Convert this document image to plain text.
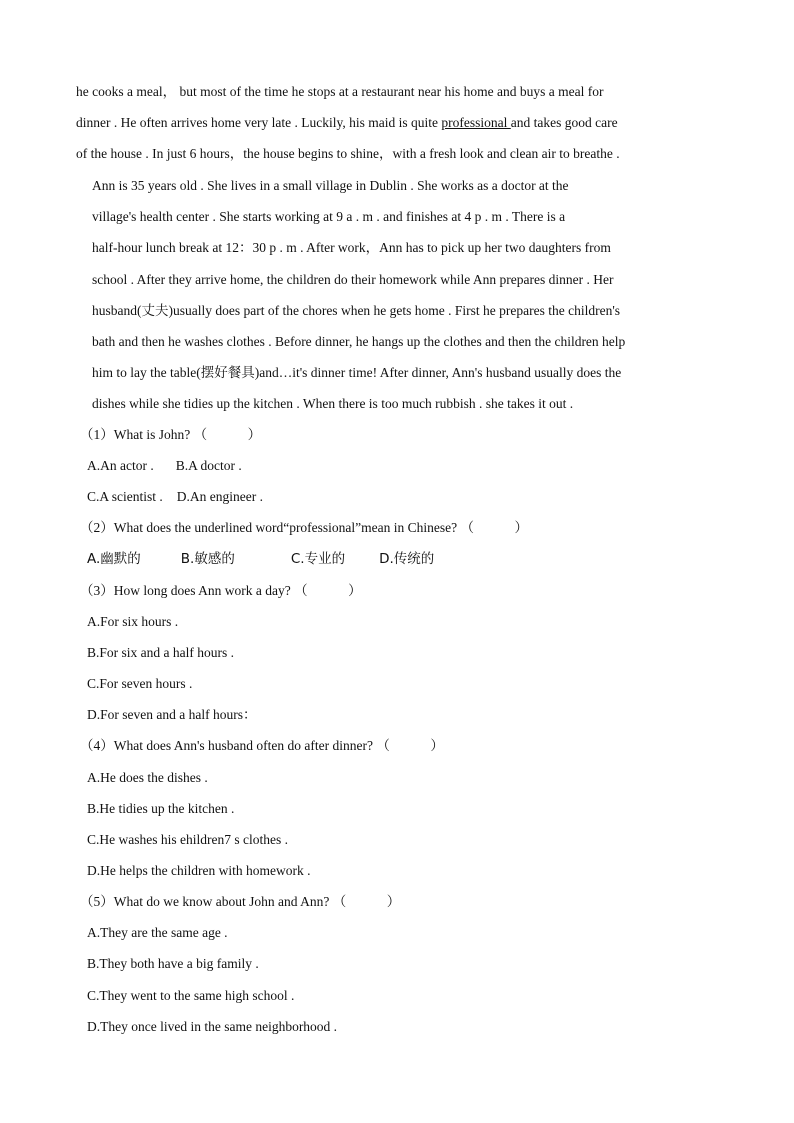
he cooks a meal， but most of the time he stops at a restaurant near his home and buys a meal for
dinner . He often arrives home very late . Luckily, his maid is quite professional and takes good care
of the house . In just 6 hours，the house begins to shine，with a fresh look and clean air to breathe .
Ann is 35 years old . She lives in a small village in Dublin . She works as a doctor at the
village's health center . She starts working at 9 a . m . and finishes at 4 p . m . There is a
half-hour lunch break at 12：30 p . m . After work，Ann has to pick up her two daughters from
school . After they arrive home, the children do their homework while Ann prepares dinner . Her
husband(丈夫)usually does part of the chores when he gets home . First he prepares the children's
bath and then he washes clothes . Before dinner, he hangs up the clothes and then the children help
him to lay the table(摆好餐具)and…it's dinner time! After dinner, Ann's husband usually does the
dishes while she tidies up the kitchen . When there is too much rubbish . she takes it out .
（1）What is John? （　　　）
A.An actor . B.A doctor .
C.A scientist . D.An engineer .
（2）What does the underlined word“professional”mean in Chinese? （　　　）
A.幽默的	B.敏感的	C.专业的	D.传统的
（3）How long does Ann work a day? （　　　）
A.For six hours .
B.For six and a half hours .
C.For seven hours .
D.For seven and a half hours：
（4）What does Ann's husband often do after dinner? （　　　）
A.He does the dishes .
B.He tidies up the kitchen .
C.He washes his ehildren7 s clothes .
D.He helps the children with homework .
（5）What do we know about John and Ann? （　　　）
A.They are the same age .
B.They both have a big family .
C.They went to the same high school .
D.They once lived in the same neighborhood .
